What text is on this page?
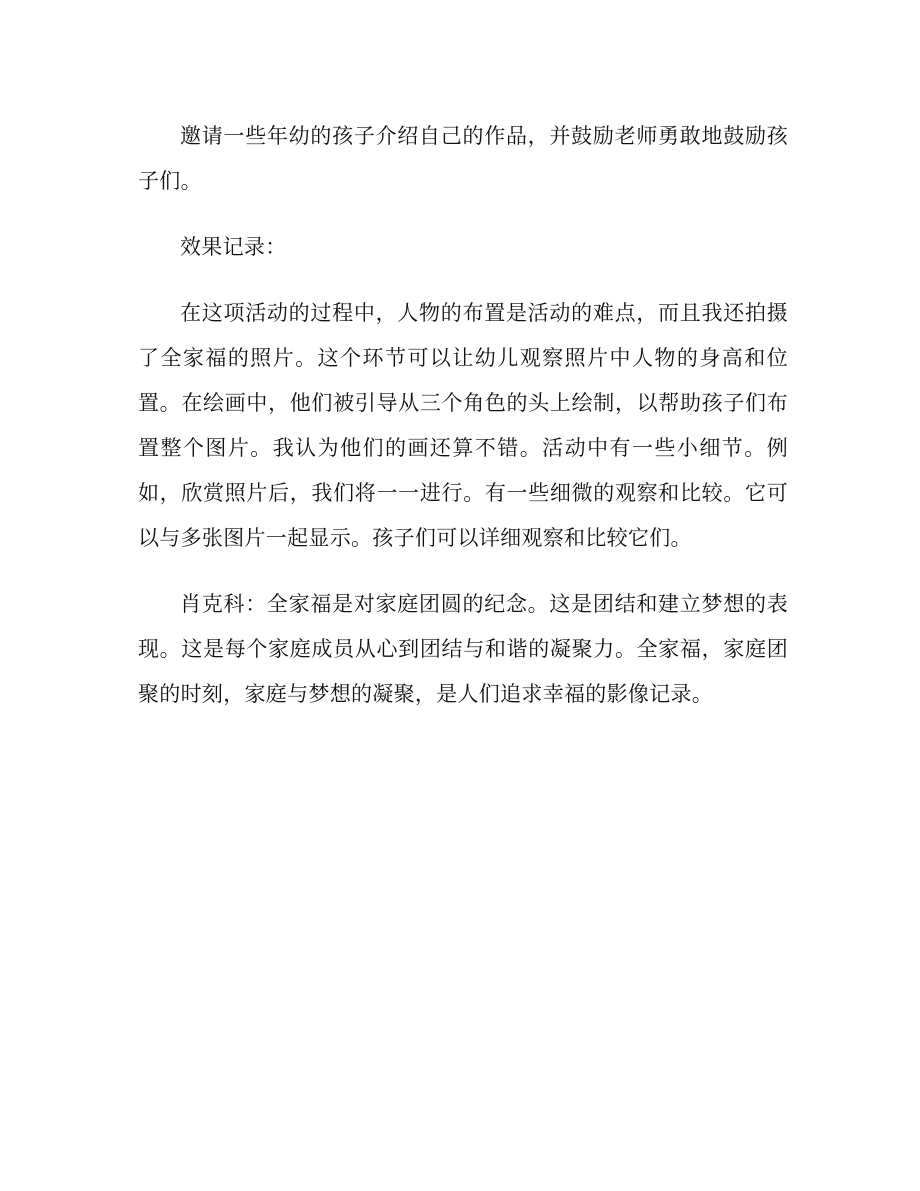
邀请一些年幼的孩子介绍自己的作品，并鼓励老师勇敢地鼓励孩子们。

效果记录：

在这项活动的过程中，人物的布置是活动的难点，而且我还拍摄了全家福的照片。这个环节可以让幼儿观察照片中人物的身高和位置。在绘画中，他们被引导从三个角色的头上绘制，以帮助孩子们布置整个图片。我认为他们的画还算不错。活动中有一些小细节。例如，欣赏照片后，我们将一一进行。有一些细微的观察和比较。它可以与多张图片一起显示。孩子们可以详细观察和比较它们。

肖克科：全家福是对家庭团圆的纪念。这是团结和建立梦想的表现。这是每个家庭成员从心到团结与和谐的凝聚力。全家福，家庭团聚的时刻，家庭与梦想的凝聚，是人们追求幸福的影像记录。
